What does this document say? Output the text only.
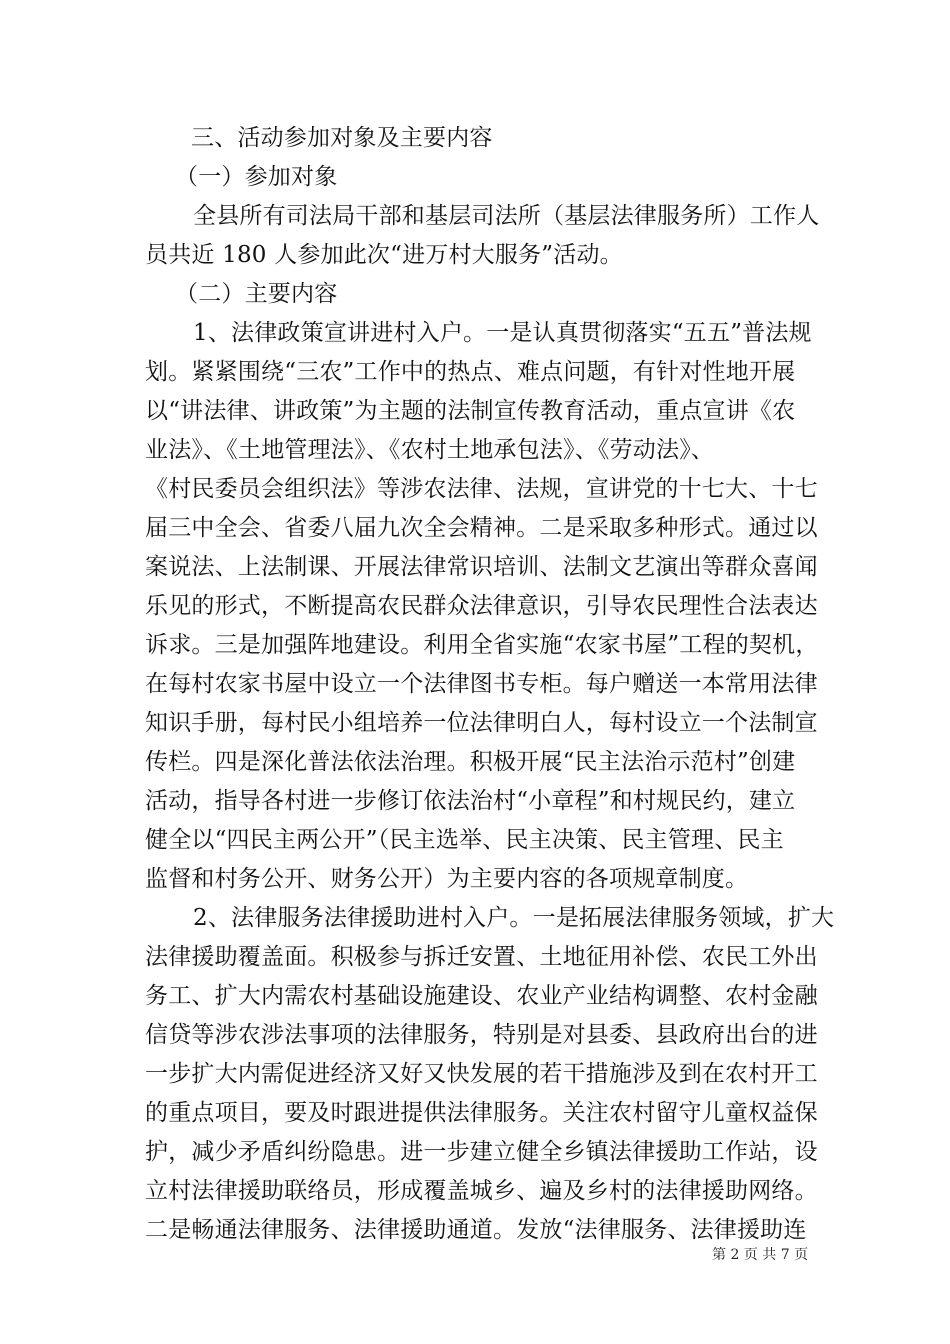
三、活动参加对象及主要内容
（一）参加对象
全县所有司法局干部和基层司法所（基层法律服务所）工作人
员共近 180 人参加此次“进万村大服务”活动。
（二）主要内容
1、法律政策宣讲进村入户。一是认真贯彻落实“五五”普法规
划。紧紧围绕“三农”工作中的热点、难点问题，有针对性地开展
以“讲法律、讲政策”为主题的法制宣传教育活动，重点宣讲《农
业法》、《土地管理法》、《农村土地承包法》、《劳动法》、
《村民委员会组织法》等涉农法律、法规，宣讲党的十七大、十七
届三中全会、省委八届九次全会精神。二是采取多种形式。通过以
案说法、上法制课、开展法律常识培训、法制文艺演出等群众喜闻
乐见的形式，不断提高农民群众法律意识，引导农民理性合法表达
诉求。三是加强阵地建设。利用全省实施“农家书屋”工程的契机，
在每村农家书屋中设立一个法律图书专柜。每户赠送一本常用法律
知识手册，每村民小组培养一位法律明白人，每村设立一个法制宣
传栏。四是深化普法依法治理。积极开展“民主法治示范村”创建
活动，指导各村进一步修订依法治村“小章程”和村规民约，建立
健全以“四民主两公开”（民主选举、民主决策、民主管理、民主
监督和村务公开、财务公开）为主要内容的各项规章制度。
2、法律服务法律援助进村入户。一是拓展法律服务领域，扩大
法律援助覆盖面。积极参与拆迁安置、土地征用补偿、农民工外出
务工、扩大内需农村基础设施建设、农业产业结构调整、农村金融
信贷等涉农涉法事项的法律服务，特别是对县委、县政府出台的进
一步扩大内需促进经济又好又快发展的若干措施涉及到在农村开工
的重点项目，要及时跟进提供法律服务。关注农村留守儿童权益保
护，减少矛盾纠纷隐患。进一步建立健全乡镇法律援助工作站，设
立村法律援助联络员，形成覆盖城乡、遍及乡村的法律援助网络。
二是畅通法律服务、法律援助通道。发放“法律服务、法律援助连
第 2 页 共 7 页
